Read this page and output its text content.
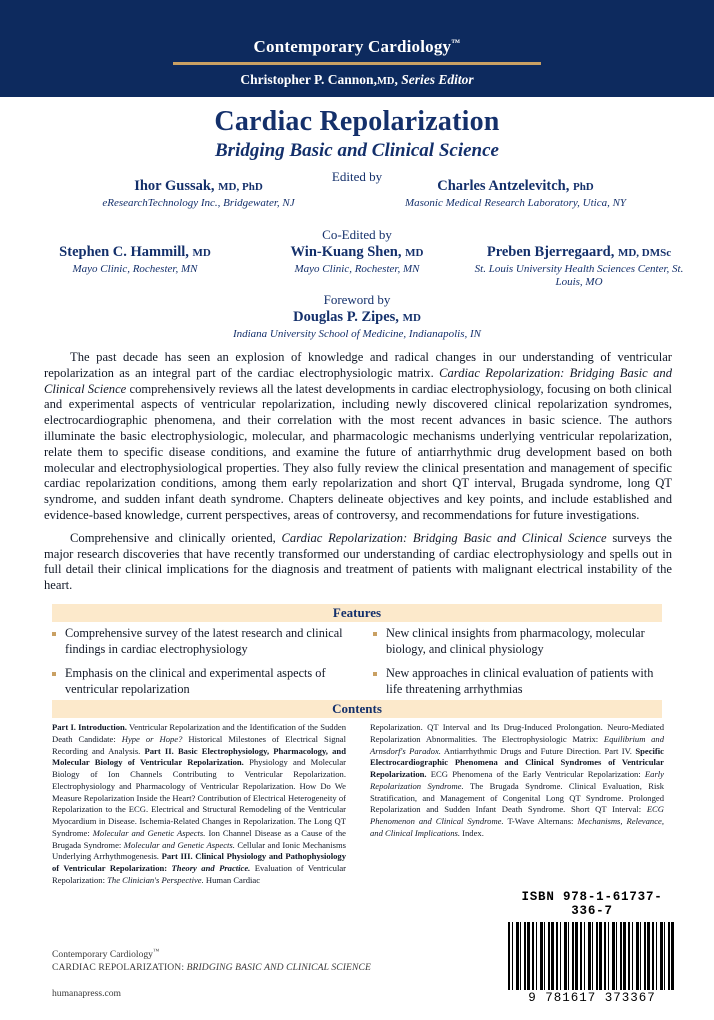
Contemporary Cardiology™
Christopher P. Cannon,MD, Series Editor
Cardiac Repolarization
Bridging Basic and Clinical Science
Edited by
Ihor Gussak, MD, PhD
eResearchTechnology Inc., Bridgewater, NJ
Charles Antzelevitch, PhD
Masonic Medical Research Laboratory, Utica, NY
Co-Edited by
Stephen C. Hammill, MD
Mayo Clinic, Rochester, MN
Win-Kuang Shen, MD
Mayo Clinic, Rochester, MN
Preben Bjerregaard, MD, DMSc
St. Louis University Health Sciences Center, St. Louis, MO
Foreword by
Douglas P. Zipes, MD
Indiana University School of Medicine, Indianapolis, IN

The past decade has seen an explosion of knowledge and radical changes in our understanding of ventricular repolarization as an integral part of the cardiac electrophysiologic matrix. Cardiac Repolarization: Bridging Basic and Clinical Science comprehensively reviews all the latest developments in cardiac electrophysiology, focusing on both clinical and experimental aspects of ventricular repolarization, including newly discovered clinical repolarization syndromes, electrocardiographic phenomena, and their correlation with the most recent advances in basic science. The authors illuminate the basic electrophysiologic, molecular, and pharmacologic mechanisms underlying ventricular repolarization, relate them to specific disease conditions, and examine the future of antiarrhythmic drug development based on both molecular and electrophysiological properties. They also fully review the clinical presentation and management of specific cardiac repolarization conditions, among them early repolarization and short QT interval, Brugada syndrome, long QT syndrome, and sudden infant death syndrome. Chapters delineate objectives and key points, and include established and evidence-based knowledge, current perspectives, areas of controversy, and recommendations for future investigations.

Comprehensive and clinically oriented, Cardiac Repolarization: Bridging Basic and Clinical Science surveys the major research discoveries that have recently transformed our understanding of cardiac electrophysiology and spells out in full detail their clinical implications for the diagnosis and treatment of patients with malignant electrical instability of the heart.

Features
Comprehensive survey of the latest research and clinical findings in cardiac electrophysiology
Emphasis on the clinical and experimental aspects of ventricular repolarization
New clinical insights from pharmacology, molecular biology, and clinical physiology
New approaches in clinical evaluation of patients with life threatening arrhythmias
Contents
Part I. Introduction. Ventricular Repolarization and the Identification of the Sudden Death Candidate: Hype or Hope? Historical Milestones of Electrical Signal Recording and Analysis. Part II. Basic Electrophysiology, Pharmacology, and Molecular Biology of Ventricular Repolarization. Physiology and Molecular Biology of Ion Channels Contributing to Ventricular Repolarization. Electrophysiology and Pharmacology of Ventricular Repolarization. How Do We Measure Repolarization Inside the Heart? Contribution of Electrical Heterogeneity of Repolarization to the ECG. Electrical and Structural Remodeling of the Ventricular Myocardium in Disease. Ischemia-Related Changes in Repolarization. The Long QT Syndrome: Molecular and Genetic Aspects. Ion Channel Disease as a Cause of the Brugada Syndrome: Molecular and Genetic Aspects. Cellular and Ionic Mechanisms Underlying Arrhythmogenesis. Part III. Clinical Physiology and Pathophysiology of Ventricular Repolarization: Theory and Practice. Evaluation of Ventricular Repolarization: The Clinician's Perspective. Human Cardiac
Repolarization. QT Interval and Its Drug-Induced Prolongation. Neuro-Mediated Repolarization Abnormalities. The Electrophysiologic Matrix: Equilibrium and Arnsdorf's Paradox. Antiarrhythmic Drugs and Future Direction. Part IV. Specific Electrocardiographic Phenomena and Clinical Syndromes of Ventricular Repolarization. ECG Phenomena of the Early Ventricular Repolarization: Early Repolarization Syndrome. The Brugada Syndrome. Clinical Evaluation, Risk Stratification, and Management of Congenital Long QT Syndrome. Prolonged Repolarization and Sudden Infant Death Syndrome. Short QT Interval: ECG Phenomenon and Clinical Syndrome. T-Wave Alternans: Mechanisms, Relevance, and Clinical Implications. Index.
ISBN 978-1-61737-336-7
9 781617 373367
Contemporary Cardiology™
CARDIAC REPOLARIZATION: BRIDGING BASIC AND CLINICAL SCIENCE
humanapress.com
